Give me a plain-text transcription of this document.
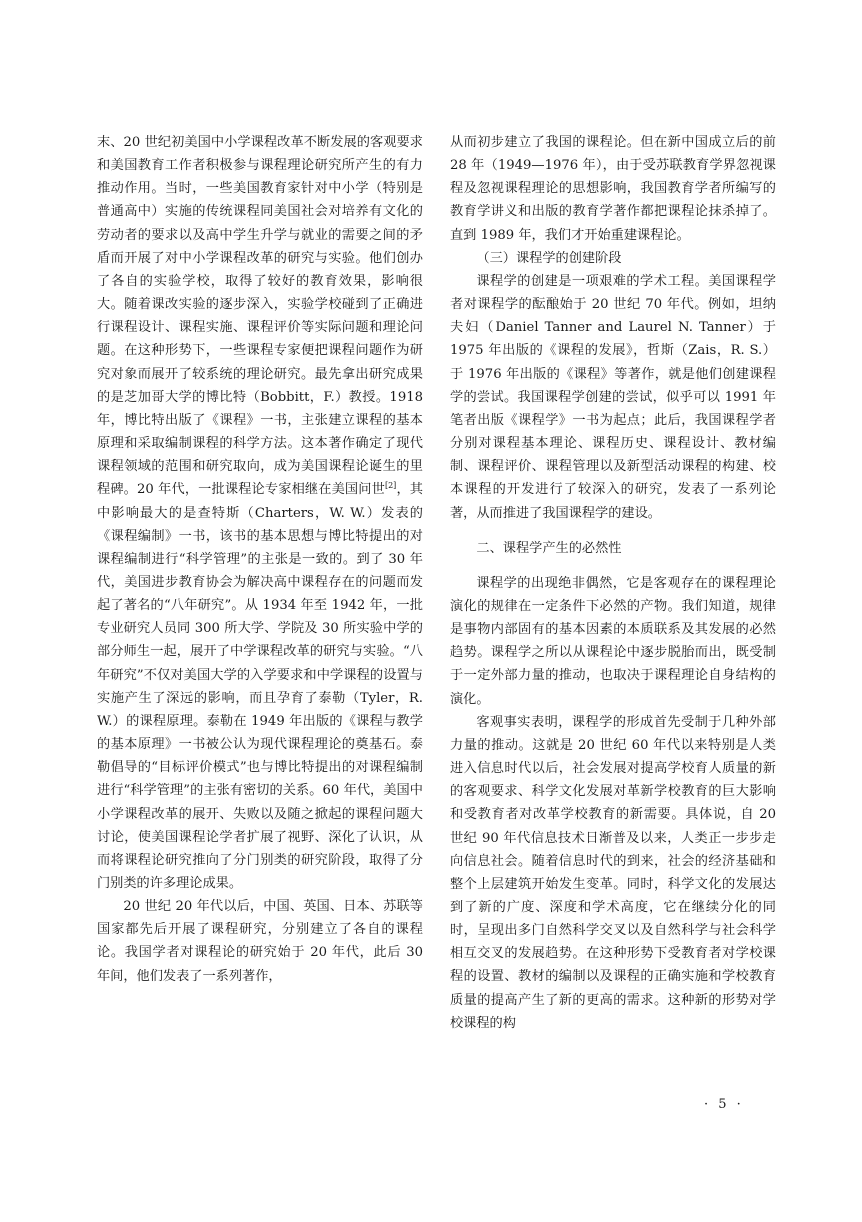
末、20 世纪初美国中小学课程改革不断发展的客观要求和美国教育工作者积极参与课程理论研究所产生的有力推动作用。当时，一些美国教育家针对中小学（特别是普通高中）实施的传统课程同美国社会对培养有文化的劳动者的要求以及高中学生升学与就业的需要之间的矛盾而开展了对中小学课程改革的研究与实验。他们创办了各自的实验学校，取得了较好的教育效果，影响很大。随着课改实验的逐步深入，实验学校碰到了正确进行课程设计、课程实施、课程评价等实际问题和理论问题。在这种形势下，一些课程专家便把课程问题作为研究对象而展开了较系统的理论研究。最先拿出研究成果的是芝加哥大学的博比特（Bobbitt，F.）教授。1918 年，博比特出版了《课程》一书，主张建立课程的基本原理和采取编制课程的科学方法。这本著作确定了现代课程领域的范围和研究取向，成为美国课程论诞生的里程碑。20 年代，一批课程论专家相继在美国问世[2]，其中影响最大的是查特斯（Charters，W. W.）发表的《课程编制》一书，该书的基本思想与博比特提出的对课程编制进行“科学管理”的主张是一致的。到了 30 年代，美国进步教育协会为解决高中课程存在的问题而发起了著名的“八年研究”。从 1934 年至 1942 年，一批专业研究人员同 300 所大学、学院及 30 所实验中学的部分师生一起，展开了中学课程改革的研究与实验。“八年研究”不仅对美国大学的入学要求和中学课程的设置与实施产生了深远的影响，而且孕育了泰勒（Tyler，R. W.）的课程原理。泰勒在 1949 年出版的《课程与教学的基本原理》一书被公认为现代课程理论的奠基石。泰勒倡导的“目标评价模式”也与博比特提出的对课程编制进行“科学管理”的主张有密切的关系。60 年代，美国中小学课程改革的展开、失败以及随之掀起的课程问题大讨论，使美国课程论学者扩展了视野、深化了认识，从而将课程论研究推向了分门别类的研究阶段，取得了分门别类的许多理论成果。

20 世纪 20 年代以后，中国、英国、日本、苏联等国家都先后开展了课程研究，分别建立了各自的课程论。我国学者对课程论的研究始于 20 年代，此后 30 年间，他们发表了一系列著作，

从而初步建立了我国的课程论。但在新中国成立后的前 28 年（1949—1976 年），由于受苏联教育学界忽视课程及忽视课程理论的思想影响，我国教育学者所编写的教育学讲义和出版的教育学著作都把课程论抹杀掉了。直到 1989 年，我们才开始重建课程论。

（三）课程学的创建阶段

课程学的创建是一项艰难的学术工程。美国课程学者对课程学的酝酿始于 20 世纪 70 年代。例如，坦纳夫妇（Daniel Tanner and Laurel N. Tanner）于 1975 年出版的《课程的发展》，哲斯（Zais，R. S.）于 1976 年出版的《课程》等著作，就是他们创建课程学的尝试。我国课程学创建的尝试，似乎可以 1991 年笔者出版《课程学》一书为起点；此后，我国课程学者分别对课程基本理论、课程历史、课程设计、教材编制、课程评价、课程管理以及新型活动课程的构建、校本课程的开发进行了较深入的研究，发表了一系列论著，从而推进了我国课程学的建设。

二、课程学产生的必然性

课程学的出现绝非偶然，它是客观存在的课程理论演化的规律在一定条件下必然的产物。我们知道，规律是事物内部固有的基本因素的本质联系及其发展的必然趋势。课程学之所以从课程论中逐步脱胎而出，既受制于一定外部力量的推动，也取决于课程理论自身结构的演化。

客观事实表明，课程学的形成首先受制于几种外部力量的推动。这就是 20 世纪 60 年代以来特别是人类进入信息时代以后，社会发展对提高学校育人质量的新的客观要求、科学文化发展对革新学校教育的巨大影响和受教育者对改革学校教育的新需要。具体说，自 20 世纪 90 年代信息技术日渐普及以来，人类正一步步走向信息社会。随着信息时代的到来，社会的经济基础和整个上层建筑开始发生变革。同时，科学文化的发展达到了新的广度、深度和学术高度，它在继续分化的同时，呈现出多门自然科学交叉以及自然科学与社会科学相互交叉的发展趋势。在这种形势下受教育者对学校课程的设置、教材的编制以及课程的正确实施和学校教育质量的提高产生了新的更高的需求。这种新的形势对学校课程的构

· 5 ·
